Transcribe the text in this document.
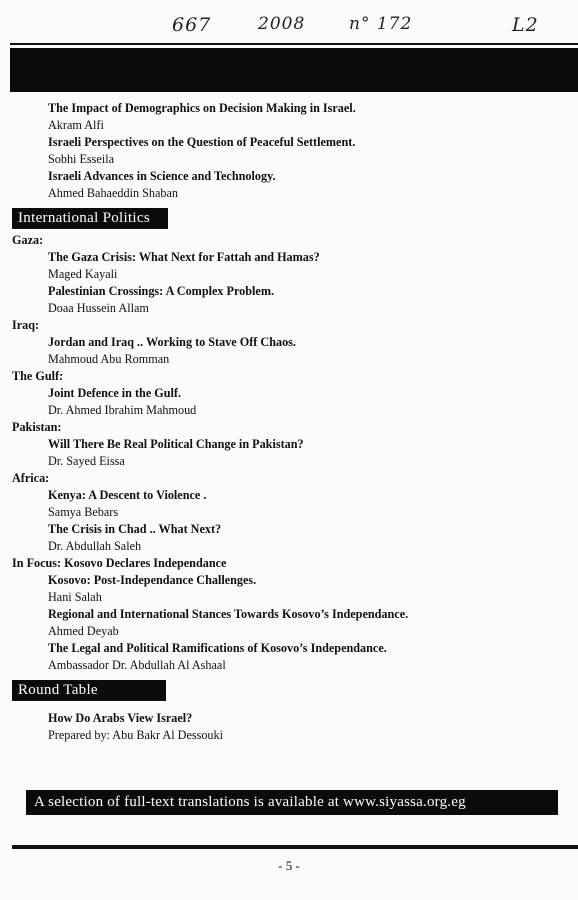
667	2008	n° 172	L2
The Impact of Demographics on Decision Making in Israel.
Akram Alfi
Israeli Perspectives on the Question of Peaceful Settlement.
Sobhi Esseila
Israeli Advances in Science and Technology.
Ahmed Bahaeddin Shaban
International Politics
Gaza:
The Gaza Crisis: What Next for Fattah and Hamas?
Maged Kayali
Palestinian Crossings: A Complex Problem.
Doaa Hussein Allam
Iraq:
Jordan and Iraq .. Working to Stave Off Chaos.
Mahmoud Abu Romman
The Gulf:
Joint Defence in the Gulf.
Dr. Ahmed Ibrahim Mahmoud
Pakistan:
Will There Be Real Political Change in Pakistan?
Dr. Sayed Eissa
Africa:
Kenya: A Descent to Violence .
Samya Bebars
The Crisis in Chad .. What Next?
Dr. Abdullah Saleh
In Focus: Kosovo Declares Independance
Kosovo: Post-Independance Challenges.
Hani Salah
Regional and International Stances Towards Kosovo’s Independance.
Ahmed Deyab
The Legal and Political Ramifications of Kosovo’s Independance.
Ambassador Dr. Abdullah Al Ashaal
Round Table
How Do Arabs View Israel?
Prepared by: Abu Bakr Al Dessouki
A selection of full-text translations is available at www.siyassa.org.eg
- 5 -
